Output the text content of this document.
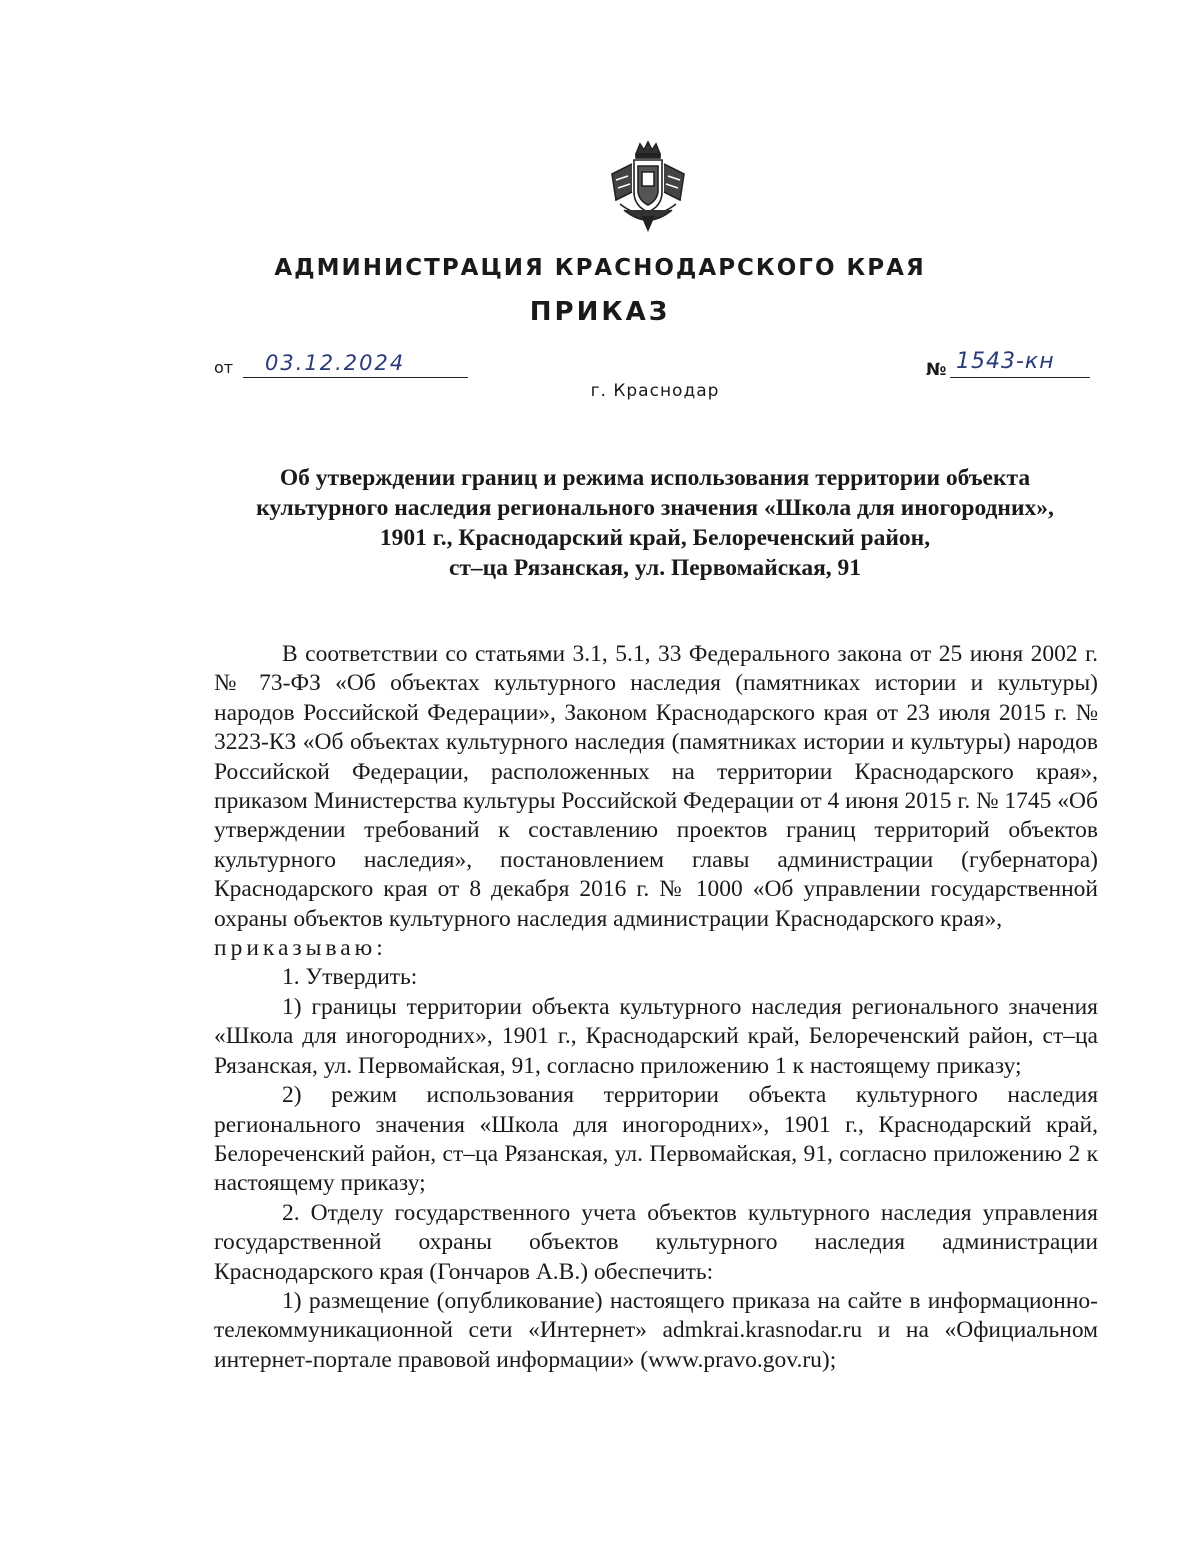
АДМИНИСТРАЦИЯ КРАСНОДАРСКОГО КРАЯ
ПРИКАЗ
от 03.12.2024	№ 1543-кн
г. Краснодар
Об утверждении границ и режима использования территории объекта
культурного наследия регионального значения «Школа для иногородних»,
1901 г., Краснодарский край, Белореченский район,
ст–ца Рязанская, ул. Первомайская, 91

В соответствии со статьями 3.1, 5.1, 33 Федерального закона от 25 июня 2002 г. № 73-ФЗ «Об объектах культурного наследия (памятниках истории и культуры) народов Российской Федерации», Законом Краснодарского края от 23 июля 2015 г. № 3223-КЗ «Об объектах культурного наследия (памятниках истории и культуры) народов Российской Федерации, расположенных на территории Краснодарского края», приказом Министерства культуры Российской Федерации от 4 июня 2015 г. № 1745 «Об утверждении требований к составлению проектов границ территорий объектов культурного наследия», постановлением главы администрации (губернатора) Краснодарского края от 8 декабря 2016 г. № 1000 «Об управлении государственной охраны объектов культурного наследия администрации Краснодарского края»,

приказываю:

1. Утвердить:

1) границы территории объекта культурного наследия регионального значения «Школа для иногородних», 1901 г., Краснодарский край, Белореченский район, ст–ца Рязанская, ул. Первомайская, 91, согласно приложению 1 к настоящему приказу;

2) режим использования территории объекта культурного наследия регионального значения «Школа для иногородних», 1901 г., Краснодарский край, Белореченский район, ст–ца Рязанская, ул. Первомайская, 91, согласно приложению 2 к настоящему приказу;

2. Отделу государственного учета объектов культурного наследия управления государственной охраны объектов культурного наследия администрации Краснодарского края (Гончаров А.В.) обеспечить:

1) размещение (опубликование) настоящего приказа на сайте в информационно-телекоммуникационной сети «Интернет» admkrai.krasnodar.ru и на «Официальном интернет-портале правовой информации» (www.pravo.gov.ru);
